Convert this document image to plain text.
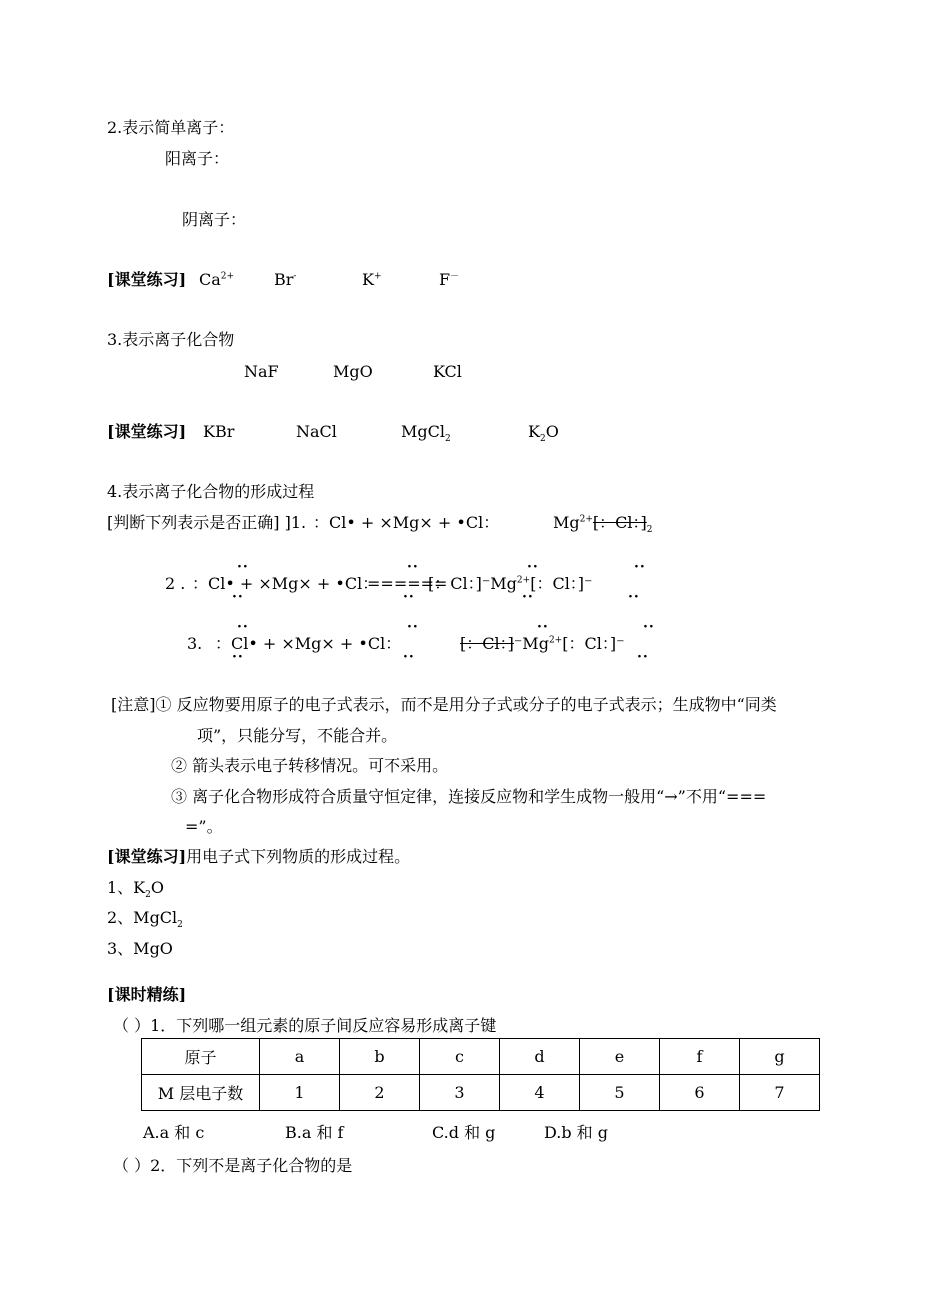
2.表示简单离子：
阳离子：
阴离子：
[课堂练习] $Ca^{2+}$ Br-	K+	F－
3.表示离子化合物
NaF	MgO	KCl
[课堂练习] KBr	NaCl	MgCl$_2$	$K_2O$
4.表示离子化合物的形成过程
[判断下列表示是否正确] ]1. ：Cl• + ×Mg× + •Cl：	$Mg^{2+}$[：Cl：]$_2$
··	··	··	··
2 . ：Cl• + ×Mg× + •Cl：
======
[：Cl：]$^-Mg^{2+}$[：Cl：]⁻
··	··	··	··
··	··	··	··
3. ：Cl• + ×Mg× + •Cl：	[：Cl：]$^-Mg^{2+}$[：Cl：]⁻
··	··	··
[注意]① 反应物要用原子的电子式表示，而不是用分子式或分子的电子式表示；生成物中“同类
项”，只能分写，不能合并。
② 箭头表示电子转移情况。可不采用。
③ 离子化合物形成符合质量守恒定律，连接反应物和学生成物一般用“→”不用“===
=”。
[课堂练习]用电子式下列物质的形成过程。
1、$K_2O$
2、MgCl$_2$
3、MgO
[课时精练]
（ ）1．下列哪一组元素的原子间反应容易形成离子键
原子	a	b	c	d	e	f	g
M 层电子数	1	2	3	4	5	6	7
A.a 和 c	B.a 和 f	C.d 和 g	D.b 和 g
（ ）2．下列不是离子化合物的是
